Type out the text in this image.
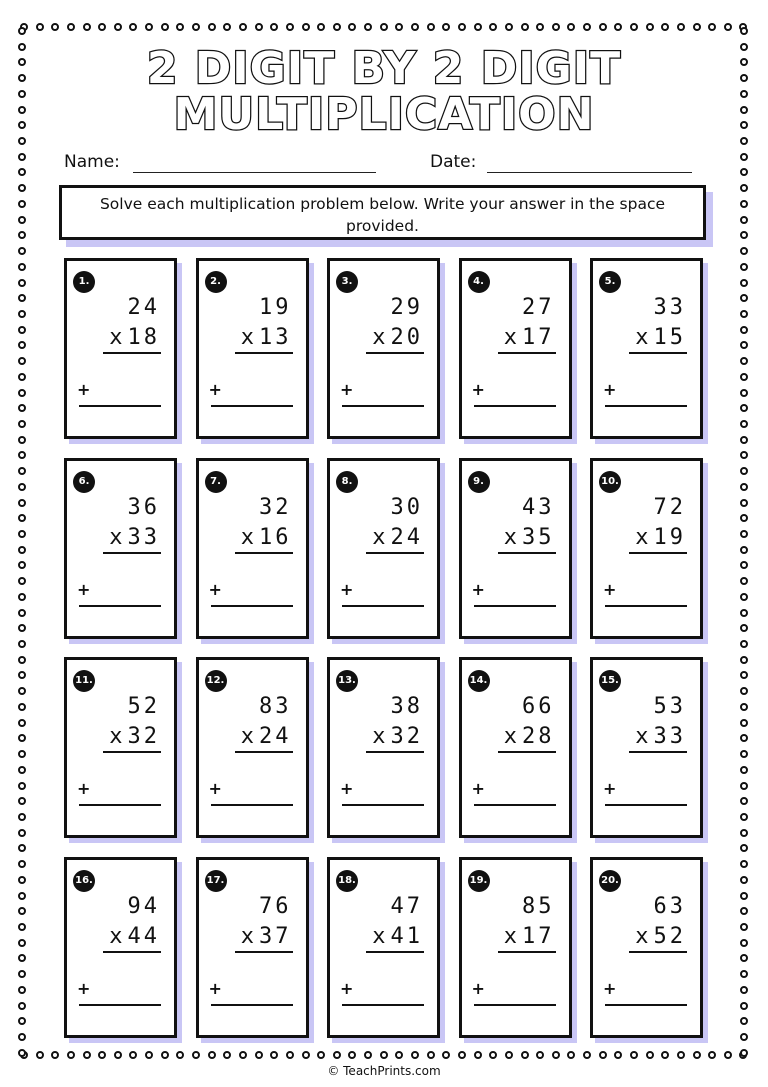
2 DIGIT BY 2 DIGIT
MULTIPLICATION
Name:	Date:
Solve each multiplication problem below. Write your answer in the space provided.
1.
24
x18
+
2.
19
x13
+
3.
29
x20
+
4.
27
x17
+
5.
33
x15
+
6.
36
x33
+
7.
32
x16
+
8.
30
x24
+
9.
43
x35
+
10.
72
x19
+
11.
52
x32
+
12.
83
x24
+
13.
38
x32
+
14.
66
x28
+
15.
53
x33
+
16.
94
x44
+
17.
76
x37
+
18.
47
x41
+
19.
85
x17
+
20.
63
x52
+
© TeachPrints.com
